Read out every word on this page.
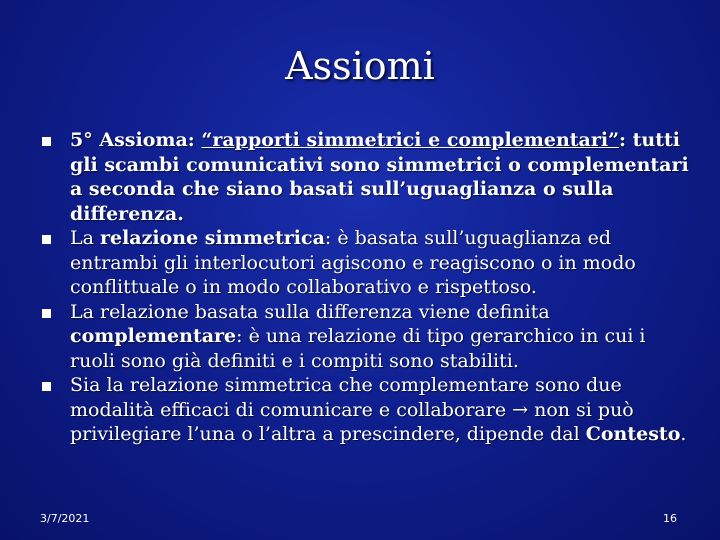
Assiomi
5° Assioma: “rapporti simmetrici e complementari”: tutti gli scambi comunicativi sono simmetrici o complementari a seconda che siano basati sull’uguaglianza o sulla differenza.
La relazione simmetrica: è basata sull’uguaglianza ed entrambi gli interlocutori agiscono e reagiscono o in modo conflittuale o in modo collaborativo e rispettoso.
La relazione basata sulla differenza viene definita complementare: è una relazione di tipo gerarchico in cui i ruoli sono già definiti e i compiti sono stabiliti.
Sia la relazione simmetrica che complementare sono due modalità efficaci di comunicare e collaborare → non si può privilegiare l’una o l’altra a prescindere, dipende dal Contesto.
3/7/2021	16
